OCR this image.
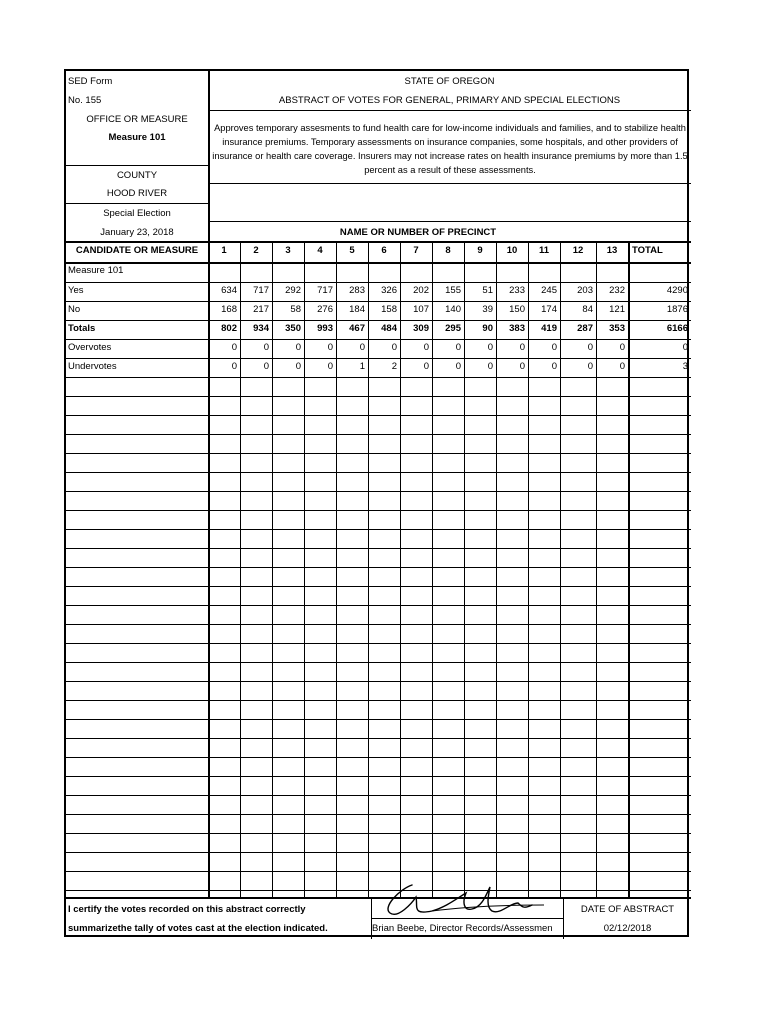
SED Form
No. 155
STATE OF OREGON
ABSTRACT OF VOTES FOR GENERAL, PRIMARY AND SPECIAL ELECTIONS
OFFICE OR MEASURE
Measure 101
Approves temporary assesments to fund health care for low-income individuals and families, and to stabilize health insurance premiums. Temporary assessments on insurance companies, some hospitals, and other providers of insurance or health care coverage. Insurers may not increase rates on health insurance premiums by more than 1.5 percent as a result of these assessments.
COUNTY
HOOD RIVER
Special Election
January 23, 2018	NAME OR NUMBER OF PRECINCT
CANDIDATE OR MEASURE	1	2	3	4	5	6	7	8	9	10	11	12	13	TOTAL
Measure 101
Yes	634	717	292	717	283	326	202	155	51	233	245	203	232	4290
No	168	217	58	276	184	158	107	140	39	150	174	84	121	1876
Totals	802	934	350	993	467	484	309	295	90	383	419	287	353	6166
Overvotes	0	0	0	0	0	0	0	0	0	0	0	0	0	0
Undervotes	0	0	0	0	1	2	0	0	0	0	0	0	0	3
I certify the votes recorded on this abstract correctly
summarizethe tally of votes cast at the election indicated.	Brian Beebe, Director Records/Assessmen
DATE OF ABSTRACT
02/12/2018
